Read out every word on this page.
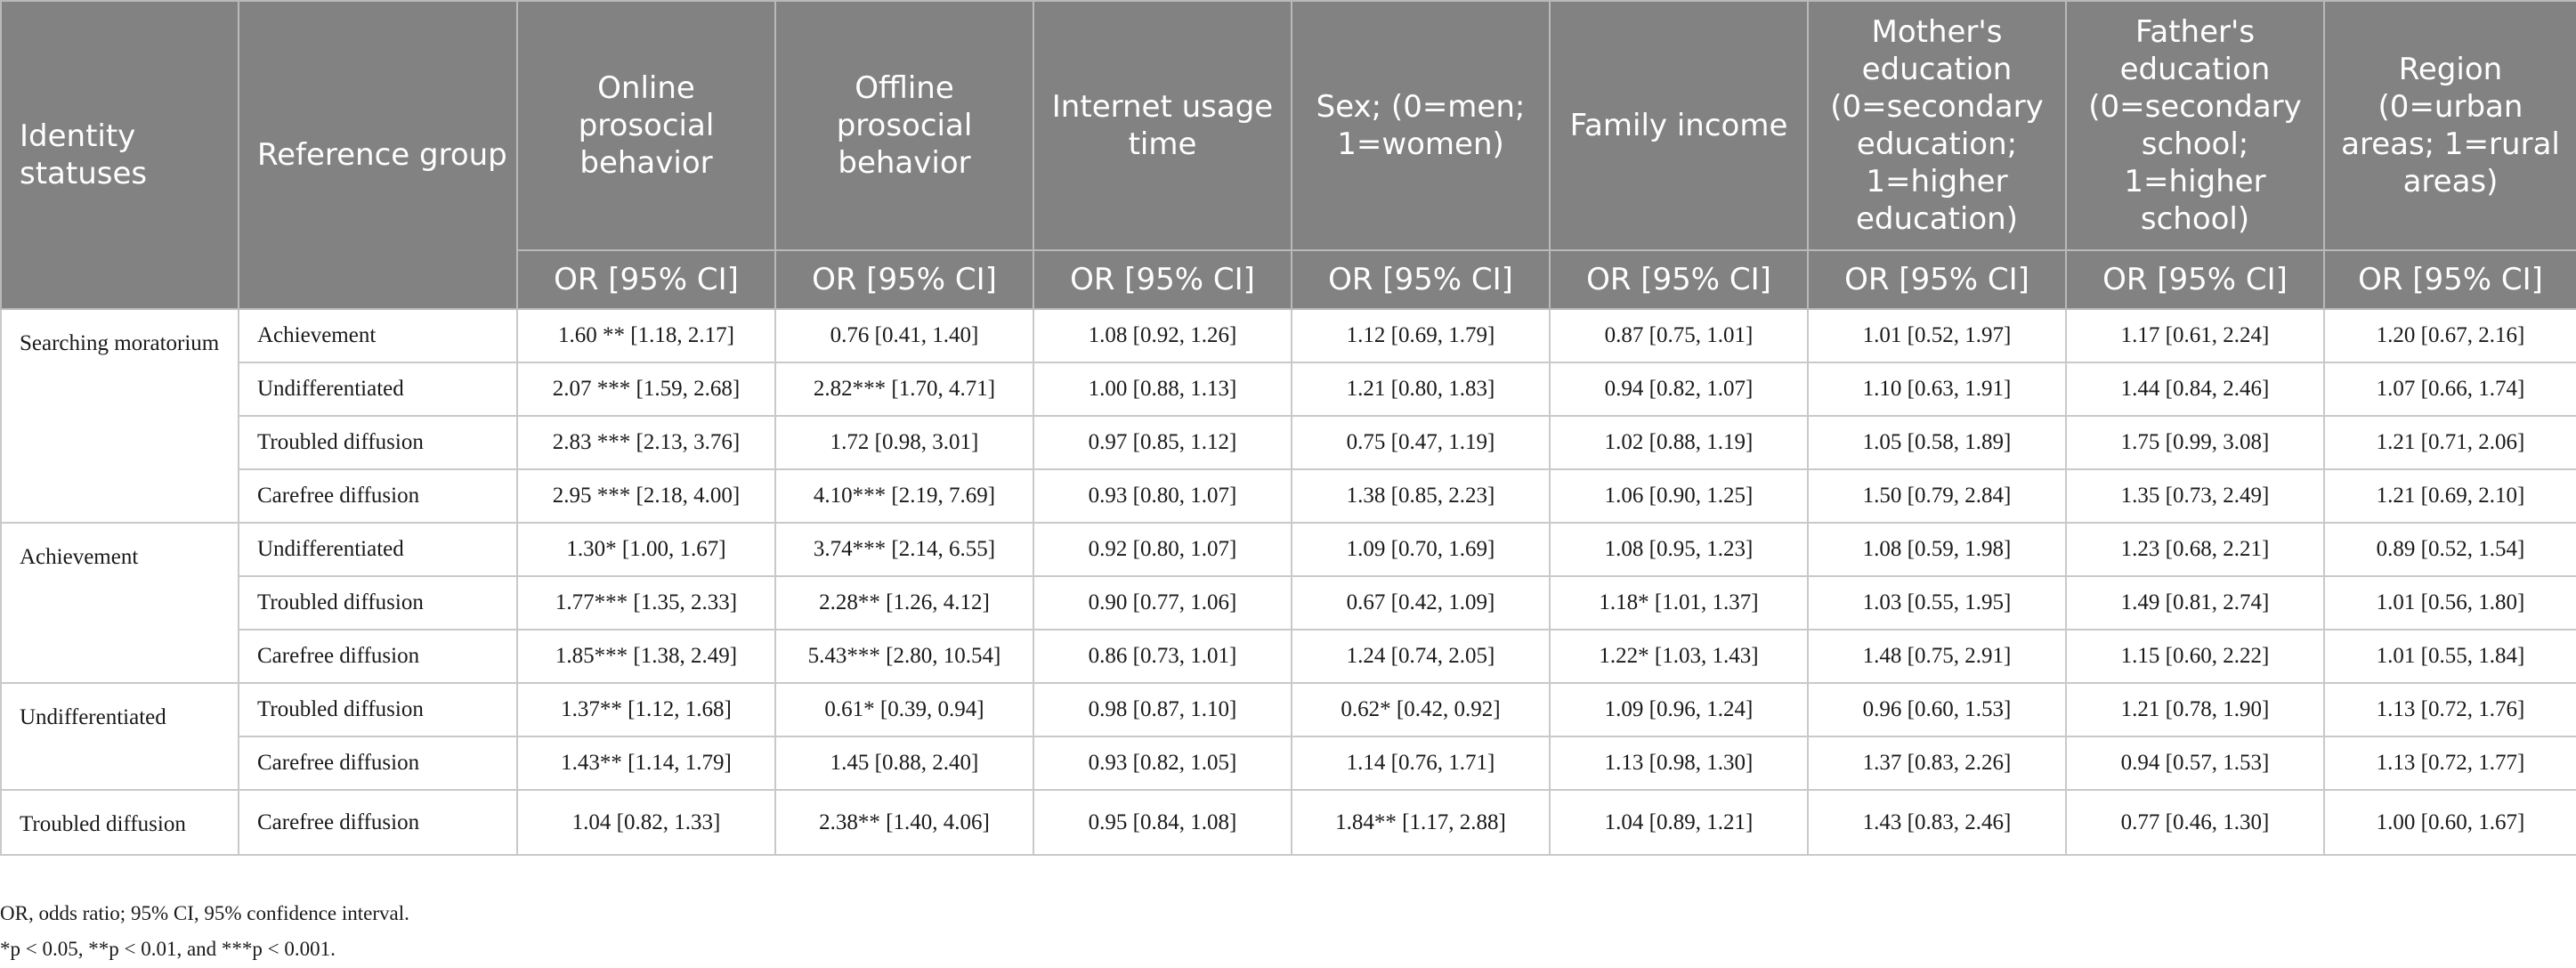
Identity statuses	Reference group	Online prosocial behavior	Offline prosocial behavior	Internet usage time	Sex; (0=men; 1=women)	Family income	Mother's education (0=secondary education; 1=higher education)	Father's education (0=secondary school; 1=higher school)	Region (0=urban areas; 1=rural areas)
		OR [95% CI]	OR [95% CI]	OR [95% CI]	OR [95% CI]	OR [95% CI]	OR [95% CI]	OR [95% CI]	OR [95% CI]
Searching moratorium	Achievement	1.60 ** [1.18, 2.17]	0.76 [0.41, 1.40]	1.08 [0.92, 1.26]	1.12 [0.69, 1.79]	0.87 [0.75, 1.01]	1.01 [0.52, 1.97]	1.17 [0.61, 2.24]	1.20 [0.67, 2.16]
	Undifferentiated	2.07 *** [1.59, 2.68]	2.82*** [1.70, 4.71]	1.00 [0.88, 1.13]	1.21 [0.80, 1.83]	0.94 [0.82, 1.07]	1.10 [0.63, 1.91]	1.44 [0.84, 2.46]	1.07 [0.66, 1.74]
	Troubled diffusion	2.83 *** [2.13, 3.76]	1.72 [0.98, 3.01]	0.97 [0.85, 1.12]	0.75 [0.47, 1.19]	1.02 [0.88, 1.19]	1.05 [0.58, 1.89]	1.75 [0.99, 3.08]	1.21 [0.71, 2.06]
	Carefree diffusion	2.95 *** [2.18, 4.00]	4.10*** [2.19, 7.69]	0.93 [0.80, 1.07]	1.38 [0.85, 2.23]	1.06 [0.90, 1.25]	1.50 [0.79, 2.84]	1.35 [0.73, 2.49]	1.21 [0.69, 2.10]
Achievement	Undifferentiated	1.30* [1.00, 1.67]	3.74*** [2.14, 6.55]	0.92 [0.80, 1.07]	1.09 [0.70, 1.69]	1.08 [0.95, 1.23]	1.08 [0.59, 1.98]	1.23 [0.68, 2.21]	0.89 [0.52, 1.54]
	Troubled diffusion	1.77*** [1.35, 2.33]	2.28** [1.26, 4.12]	0.90 [0.77, 1.06]	0.67 [0.42, 1.09]	1.18* [1.01, 1.37]	1.03 [0.55, 1.95]	1.49 [0.81, 2.74]	1.01 [0.56, 1.80]
	Carefree diffusion	1.85*** [1.38, 2.49]	5.43*** [2.80, 10.54]	0.86 [0.73, 1.01]	1.24 [0.74, 2.05]	1.22* [1.03, 1.43]	1.48 [0.75, 2.91]	1.15 [0.60, 2.22]	1.01 [0.55, 1.84]
Undifferentiated	Troubled diffusion	1.37** [1.12, 1.68]	0.61* [0.39, 0.94]	0.98 [0.87, 1.10]	0.62* [0.42, 0.92]	1.09 [0.96, 1.24]	0.96 [0.60, 1.53]	1.21 [0.78, 1.90]	1.13 [0.72, 1.76]
	Carefree diffusion	1.43** [1.14, 1.79]	1.45 [0.88, 2.40]	0.93 [0.82, 1.05]	1.14 [0.76, 1.71]	1.13 [0.98, 1.30]	1.37 [0.83, 2.26]	0.94 [0.57, 1.53]	1.13 [0.72, 1.77]
Troubled diffusion	Carefree diffusion	1.04 [0.82, 1.33]	2.38** [1.40, 4.06]	0.95 [0.84, 1.08]	1.84** [1.17, 2.88]	1.04 [0.89, 1.21]	1.43 [0.83, 2.46]	0.77 [0.46, 1.30]	1.00 [0.60, 1.67]
OR, odds ratio; 95% CI, 95% confidence interval.
*p < 0.05, **p < 0.01, and ***p < 0.001.
